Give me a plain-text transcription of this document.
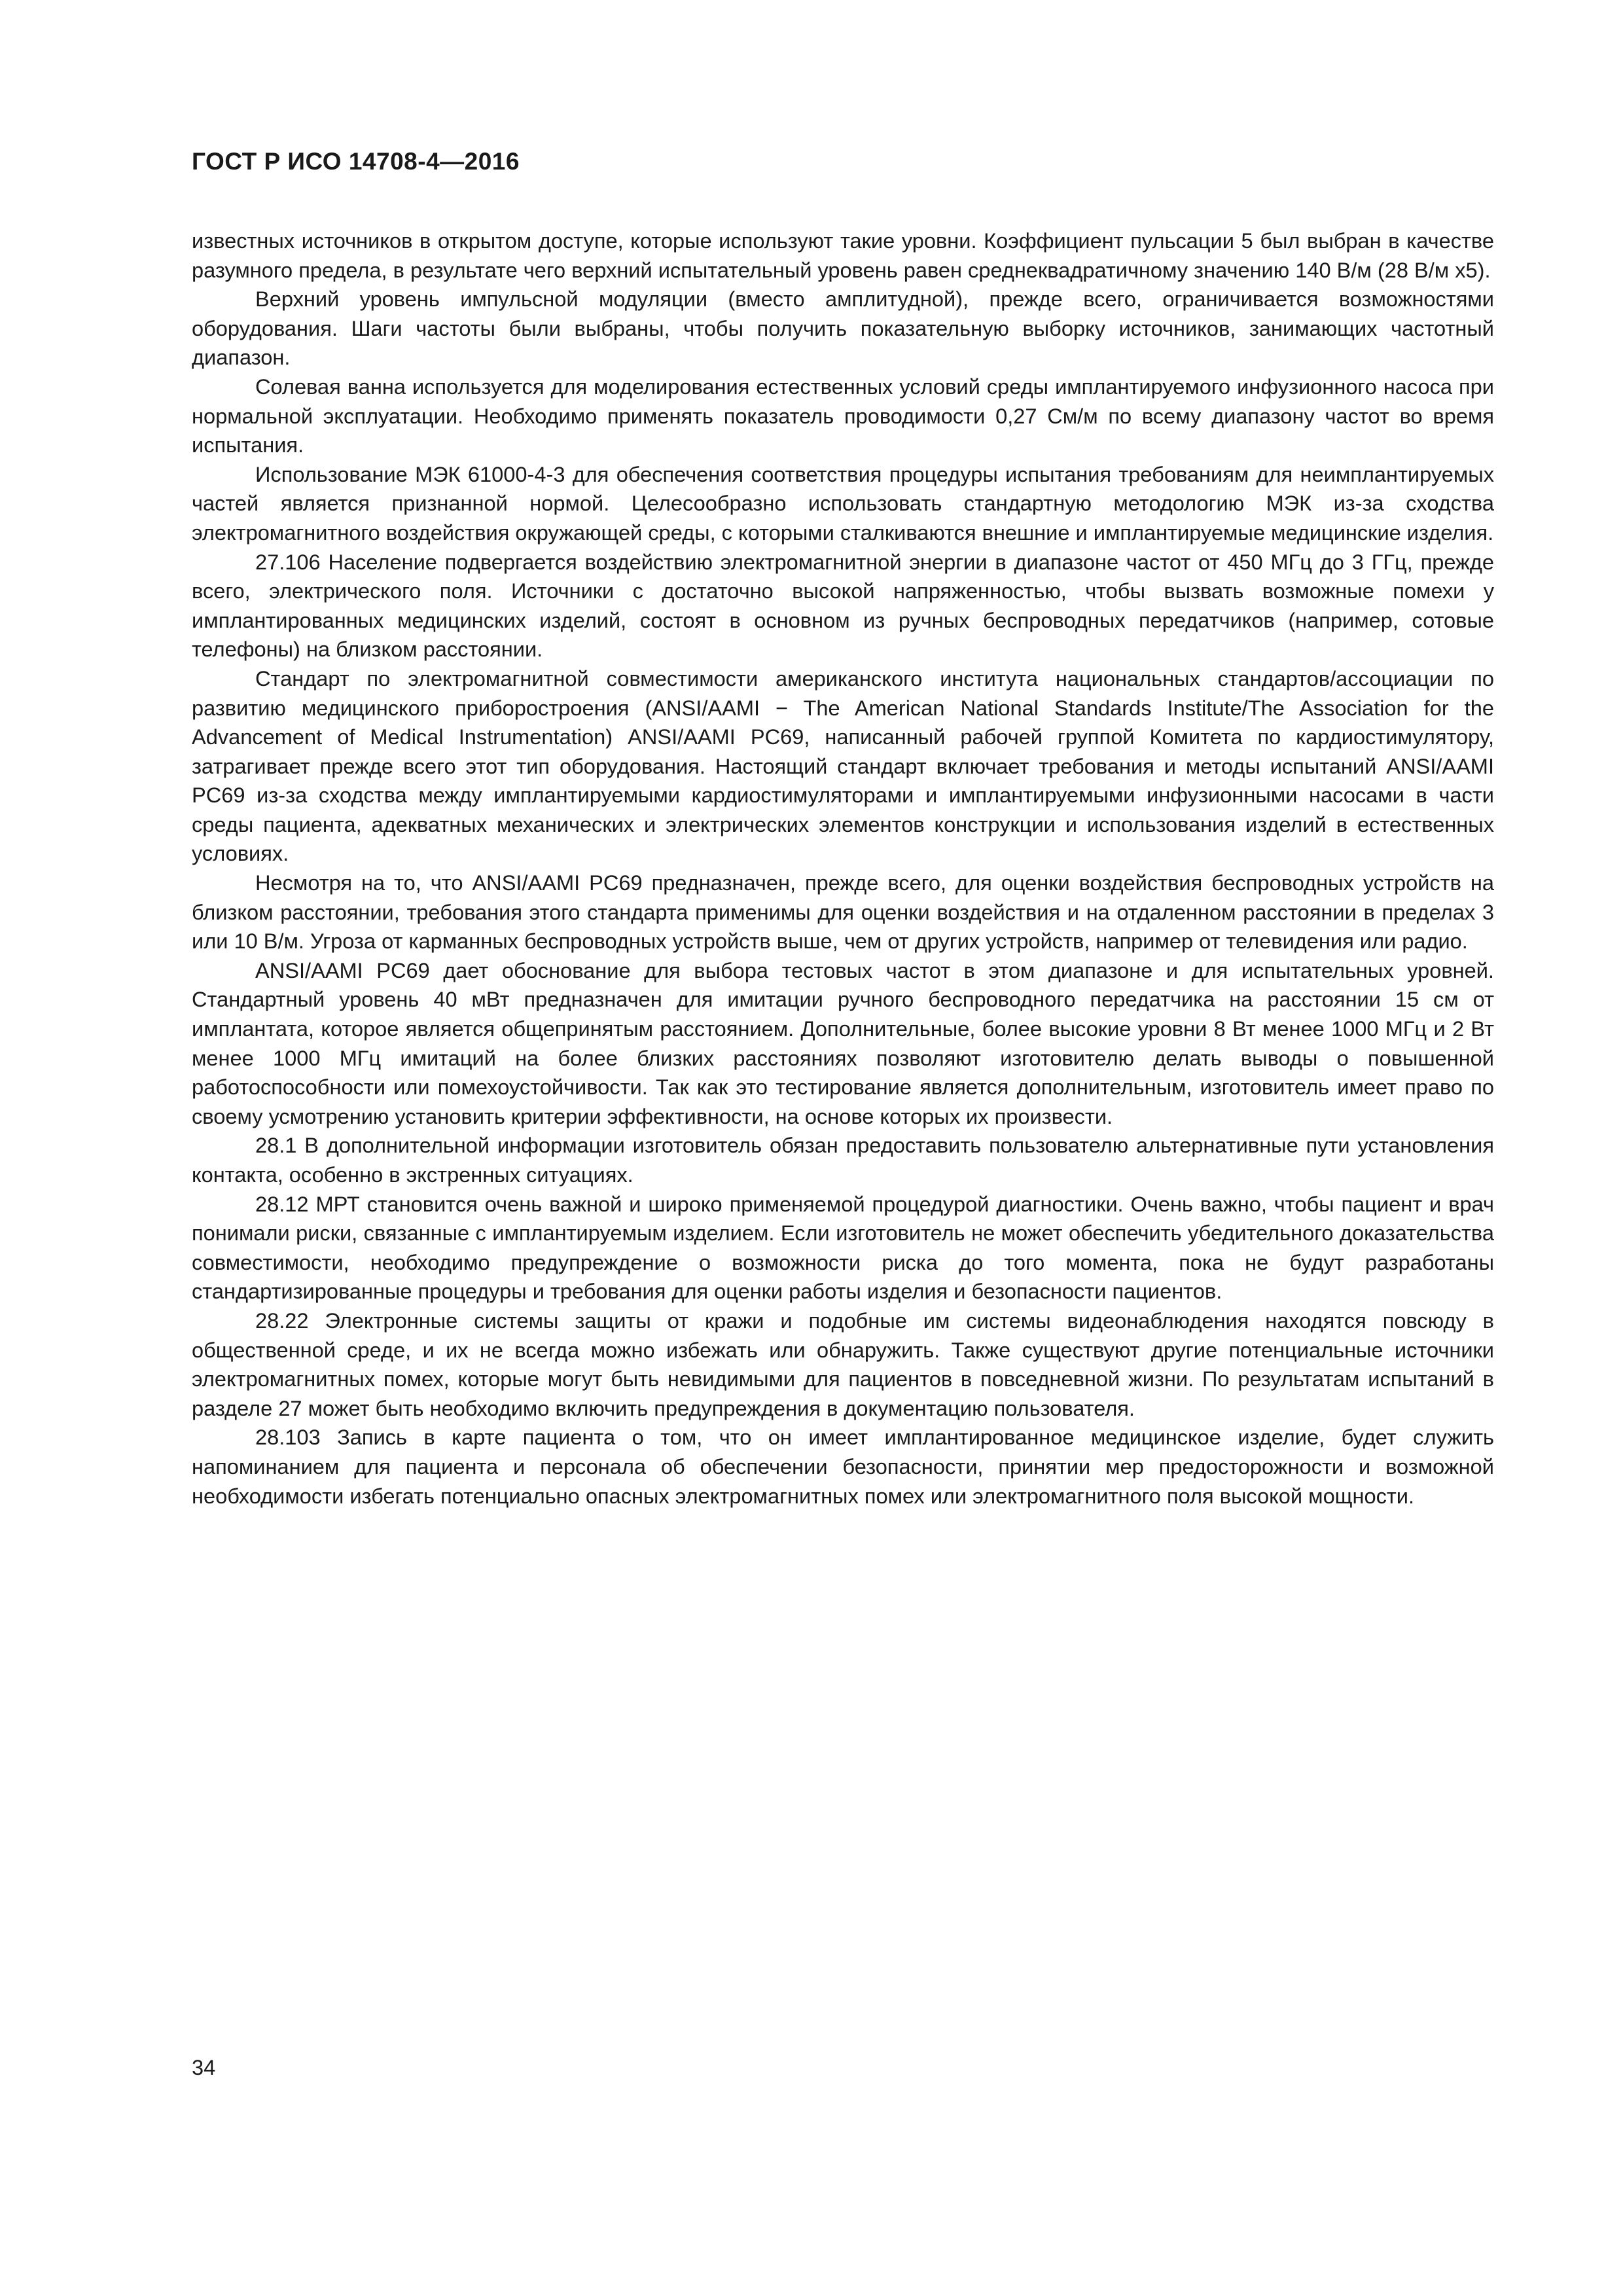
ГОСТ Р ИСО 14708-4—2016

известных источников в открытом доступе, которые используют такие уровни. Коэффициент пульсации 5 был выбран в качестве разумного предела, в результате чего верхний испытательный уровень равен среднеквадратичному значению 140 В/м (28 В/м x5).

Верхний уровень импульсной модуляции (вместо амплитудной), прежде всего, ограничивается возможностями оборудования. Шаги частоты были выбраны, чтобы получить показательную выборку источников, занимающих частотный диапазон.

Солевая ванна используется для моделирования естественных условий среды имплантируемого инфузионного насоса при нормальной эксплуатации. Необходимо применять показатель проводимости 0,27 См/м по всему диапазону частот во время испытания.

Использование МЭК 61000-4-3 для обеспечения соответствия процедуры испытания требованиям для неимплантируемых частей является признанной нормой. Целесообразно использовать стандартную методологию МЭК из-за сходства электромагнитного воздействия окружающей среды, с которыми сталкиваются внешние и имплантируемые медицинские изделия.

27.106 Население подвергается воздействию электромагнитной энергии в диапазоне частот от 450 МГц до 3 ГГц, прежде всего, электрического поля. Источники с достаточно высокой напряженностью, чтобы вызвать возможные помехи у имплантированных медицинских изделий, состоят в основном из ручных беспроводных передатчиков (например, сотовые телефоны) на близком расстоянии.

Стандарт по электромагнитной совместимости американского института национальных стандартов/ассоциации по развитию медицинского приборостроения (ANSI/AAMI − The American National Standards Institute/The Association for the Advancement of Medical Instrumentation) ANSI/AAMI PC69, написанный рабочей группой Комитета по кардиостимулятору, затрагивает прежде всего этот тип оборудования. Настоящий стандарт включает требования и методы испытаний ANSI/AAMI PC69 из-за сходства между имплантируемыми кардиостимуляторами и имплантируемыми инфузионными насосами в части среды пациента, адекватных механических и электрических элементов конструкции и использования изделий в естественных условиях.

Несмотря на то, что ANSI/AAMI PC69 предназначен, прежде всего, для оценки воздействия беспроводных устройств на близком расстоянии, требования этого стандарта применимы для оценки воздействия и на отдаленном расстоянии в пределах 3 или 10 В/м. Угроза от карманных беспроводных устройств выше, чем от других устройств, например от телевидения или радио.

ANSI/AAMI PC69 дает обоснование для выбора тестовых частот в этом диапазоне и для испытательных уровней. Стандартный уровень 40 мВт предназначен для имитации ручного беспроводного передатчика на расстоянии 15 см от имплантата, которое является общепринятым расстоянием. Дополнительные, более высокие уровни 8 Вт менее 1000 МГц и 2 Вт менее 1000 МГц имитаций на более близких расстояниях позволяют изготовителю делать выводы о повышенной работоспособности или помехоустойчивости. Так как это тестирование является дополнительным, изготовитель имеет право по своему усмотрению установить критерии эффективности, на основе которых их произвести.

28.1 В дополнительной информации изготовитель обязан предоставить пользователю альтернативные пути установления контакта, особенно в экстренных ситуациях.

28.12 МРТ становится очень важной и широко применяемой процедурой диагностики. Очень важно, чтобы пациент и врач понимали риски, связанные с имплантируемым изделием. Если изготовитель не может обеспечить убедительного доказательства совместимости, необходимо предупреждение о возможности риска до того момента, пока не будут разработаны стандартизированные процедуры и требования для оценки работы изделия и безопасности пациентов.

28.22 Электронные системы защиты от кражи и подобные им системы видеонаблюдения находятся повсюду в общественной среде, и их не всегда можно избежать или обнаружить. Также существуют другие потенциальные источники электромагнитных помех, которые могут быть невидимыми для пациентов в повседневной жизни. По результатам испытаний в разделе 27 может быть необходимо включить предупреждения в документацию пользователя.

28.103 Запись в карте пациента о том, что он имеет имплантированное медицинское изделие, будет служить напоминанием для пациента и персонала об обеспечении безопасности, принятии мер предосторожности и возможной необходимости избегать потенциально опасных электромагнитных помех или электромагнитного поля высокой мощности.

34
